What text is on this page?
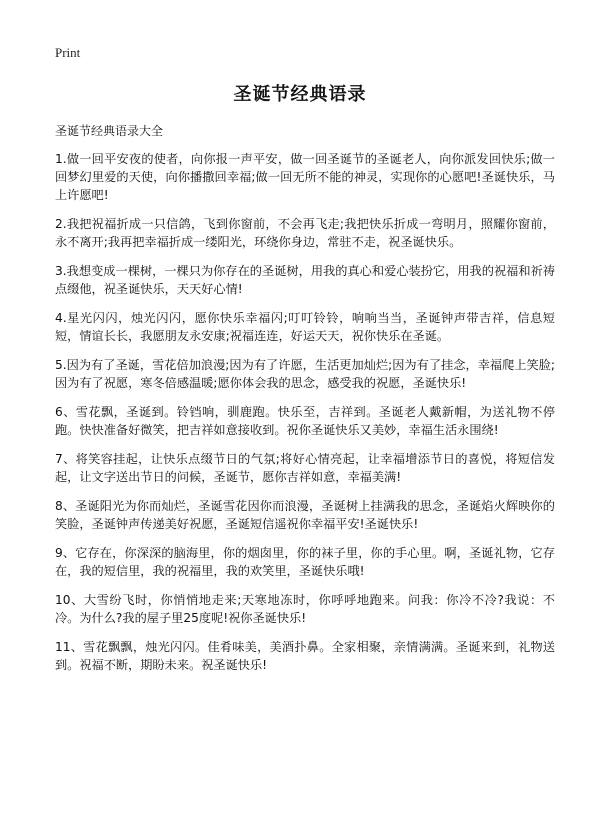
Print
圣诞节经典语录

圣诞节经典语录大全

1.做一回平安夜的使者，向你报一声平安，做一回圣诞节的圣诞老人，向你派发回快乐;做一回梦幻里爱的天使，向你播撒回幸福;做一回无所不能的神灵，实现你的心愿吧!圣诞快乐，马上许愿吧!

2.我把祝福折成一只信鸽，飞到你窗前，不会再飞走;我把快乐折成一弯明月，照耀你窗前，永不离开;我再把幸福折成一缕阳光，环绕你身边，常驻不走，祝圣诞快乐。

3.我想变成一棵树，一棵只为你存在的圣诞树，用我的真心和爱心装扮它，用我的祝福和祈祷点缀他，祝圣诞快乐，天天好心情!

4.星光闪闪，烛光闪闪，愿你快乐幸福闪;叮叮铃铃，响响当当，圣诞钟声带吉祥，信息短短，情谊长长，我愿朋友永安康;祝福连连，好运天天，祝你快乐在圣诞。

5.因为有了圣诞，雪花倍加浪漫;因为有了许愿，生活更加灿烂;因为有了挂念，幸福爬上笑脸;因为有了祝愿，寒冬倍感温暖;愿你体会我的思念，感受我的祝愿，圣诞快乐!

6、雪花飘，圣诞到。铃铛响，驯鹿跑。快乐至，吉祥到。圣诞老人戴新帽，为送礼物不停跑。快快准备好微笑，把吉祥如意接收到。祝你圣诞快乐又美妙，幸福生活永围绕!

7、将笑容挂起，让快乐点缀节日的气氛;将好心情亮起，让幸福增添节日的喜悦，将短信发起，让文字送出节日的问候，圣诞节，愿你吉祥如意，幸福美满!

8、圣诞阳光为你而灿烂，圣诞雪花因你而浪漫，圣诞树上挂满我的思念，圣诞焰火辉映你的笑脸，圣诞钟声传递美好祝愿，圣诞短信遥祝你幸福平安!圣诞快乐!

9、它存在，你深深的脑海里，你的烟囱里，你的袜子里，你的手心里。啊，圣诞礼物，它存在，我的短信里，我的祝福里，我的欢笑里，圣诞快乐哦!

10、大雪纷飞时，你悄悄地走来;天寒地冻时，你呼呼地跑来。问我：你冷不冷?我说：不冷。为什么?我的屋子里25度呢!祝你圣诞快乐!

11、雪花飘飘，烛光闪闪。佳肴味美，美酒扑鼻。全家相聚，亲情满满。圣诞来到，礼物送到。祝福不断，期盼未来。祝圣诞快乐!
